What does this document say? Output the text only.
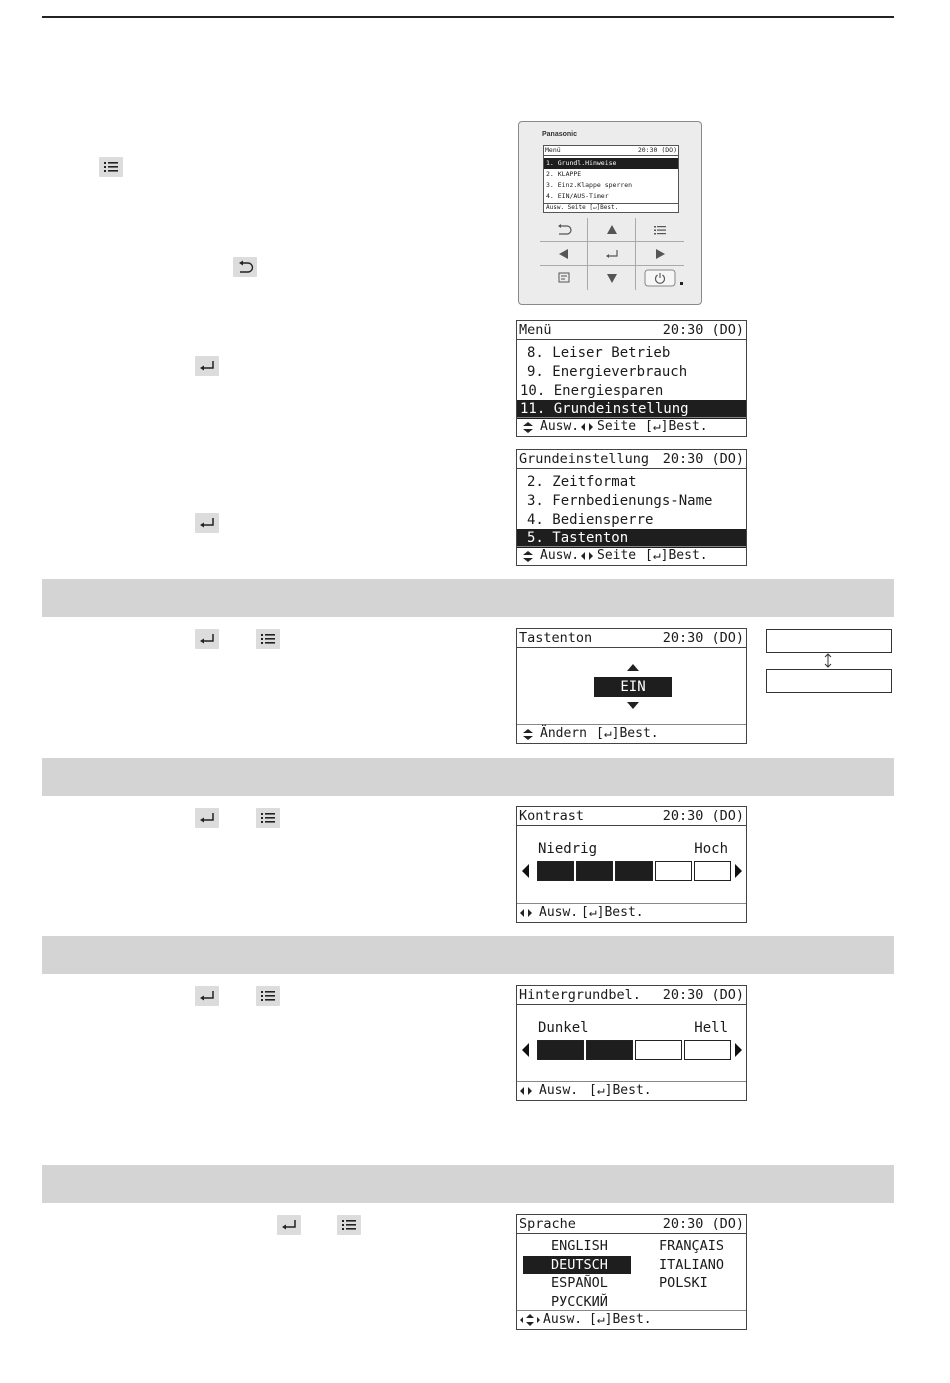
Panasonic
Menü	20:30 (DO)
1. Grundl.Hinweise
2. KLAPPE
3. Einz.Klappe sperren
4. EIN/AUS-Timer
Ausw. Seite [↵]Best.
Menü	20:30 (DO)
8. Leiser Betrieb
9. Energieverbrauch
10. Energiesparen
11. Grundeinstellung
Ausw. Seite [↵]Best.
Grundeinstellung 20:30 (DO)
2. Zeitformat
3. Fernbedienungs-Name
4. Bediensperre
5. Tastenton
Ausw. Seite [↵]Best.
Tastenton	20:30 (DO)
EIN
Ändern [↵]Best.
Kontrast	20:30 (DO)
Niedrig	Hoch
Ausw. [↵]Best.
Hintergrundbel. 20:30 (DO)
Dunkel	Hell
Ausw. [↵]Best.
Sprache	20:30 (DO)
ENGLISH
DEUTSCH
ESPAÑOL
РУССКИЙ
FRANÇAIS
ITALIANO
POLSKI
Ausw. [↵]Best.
